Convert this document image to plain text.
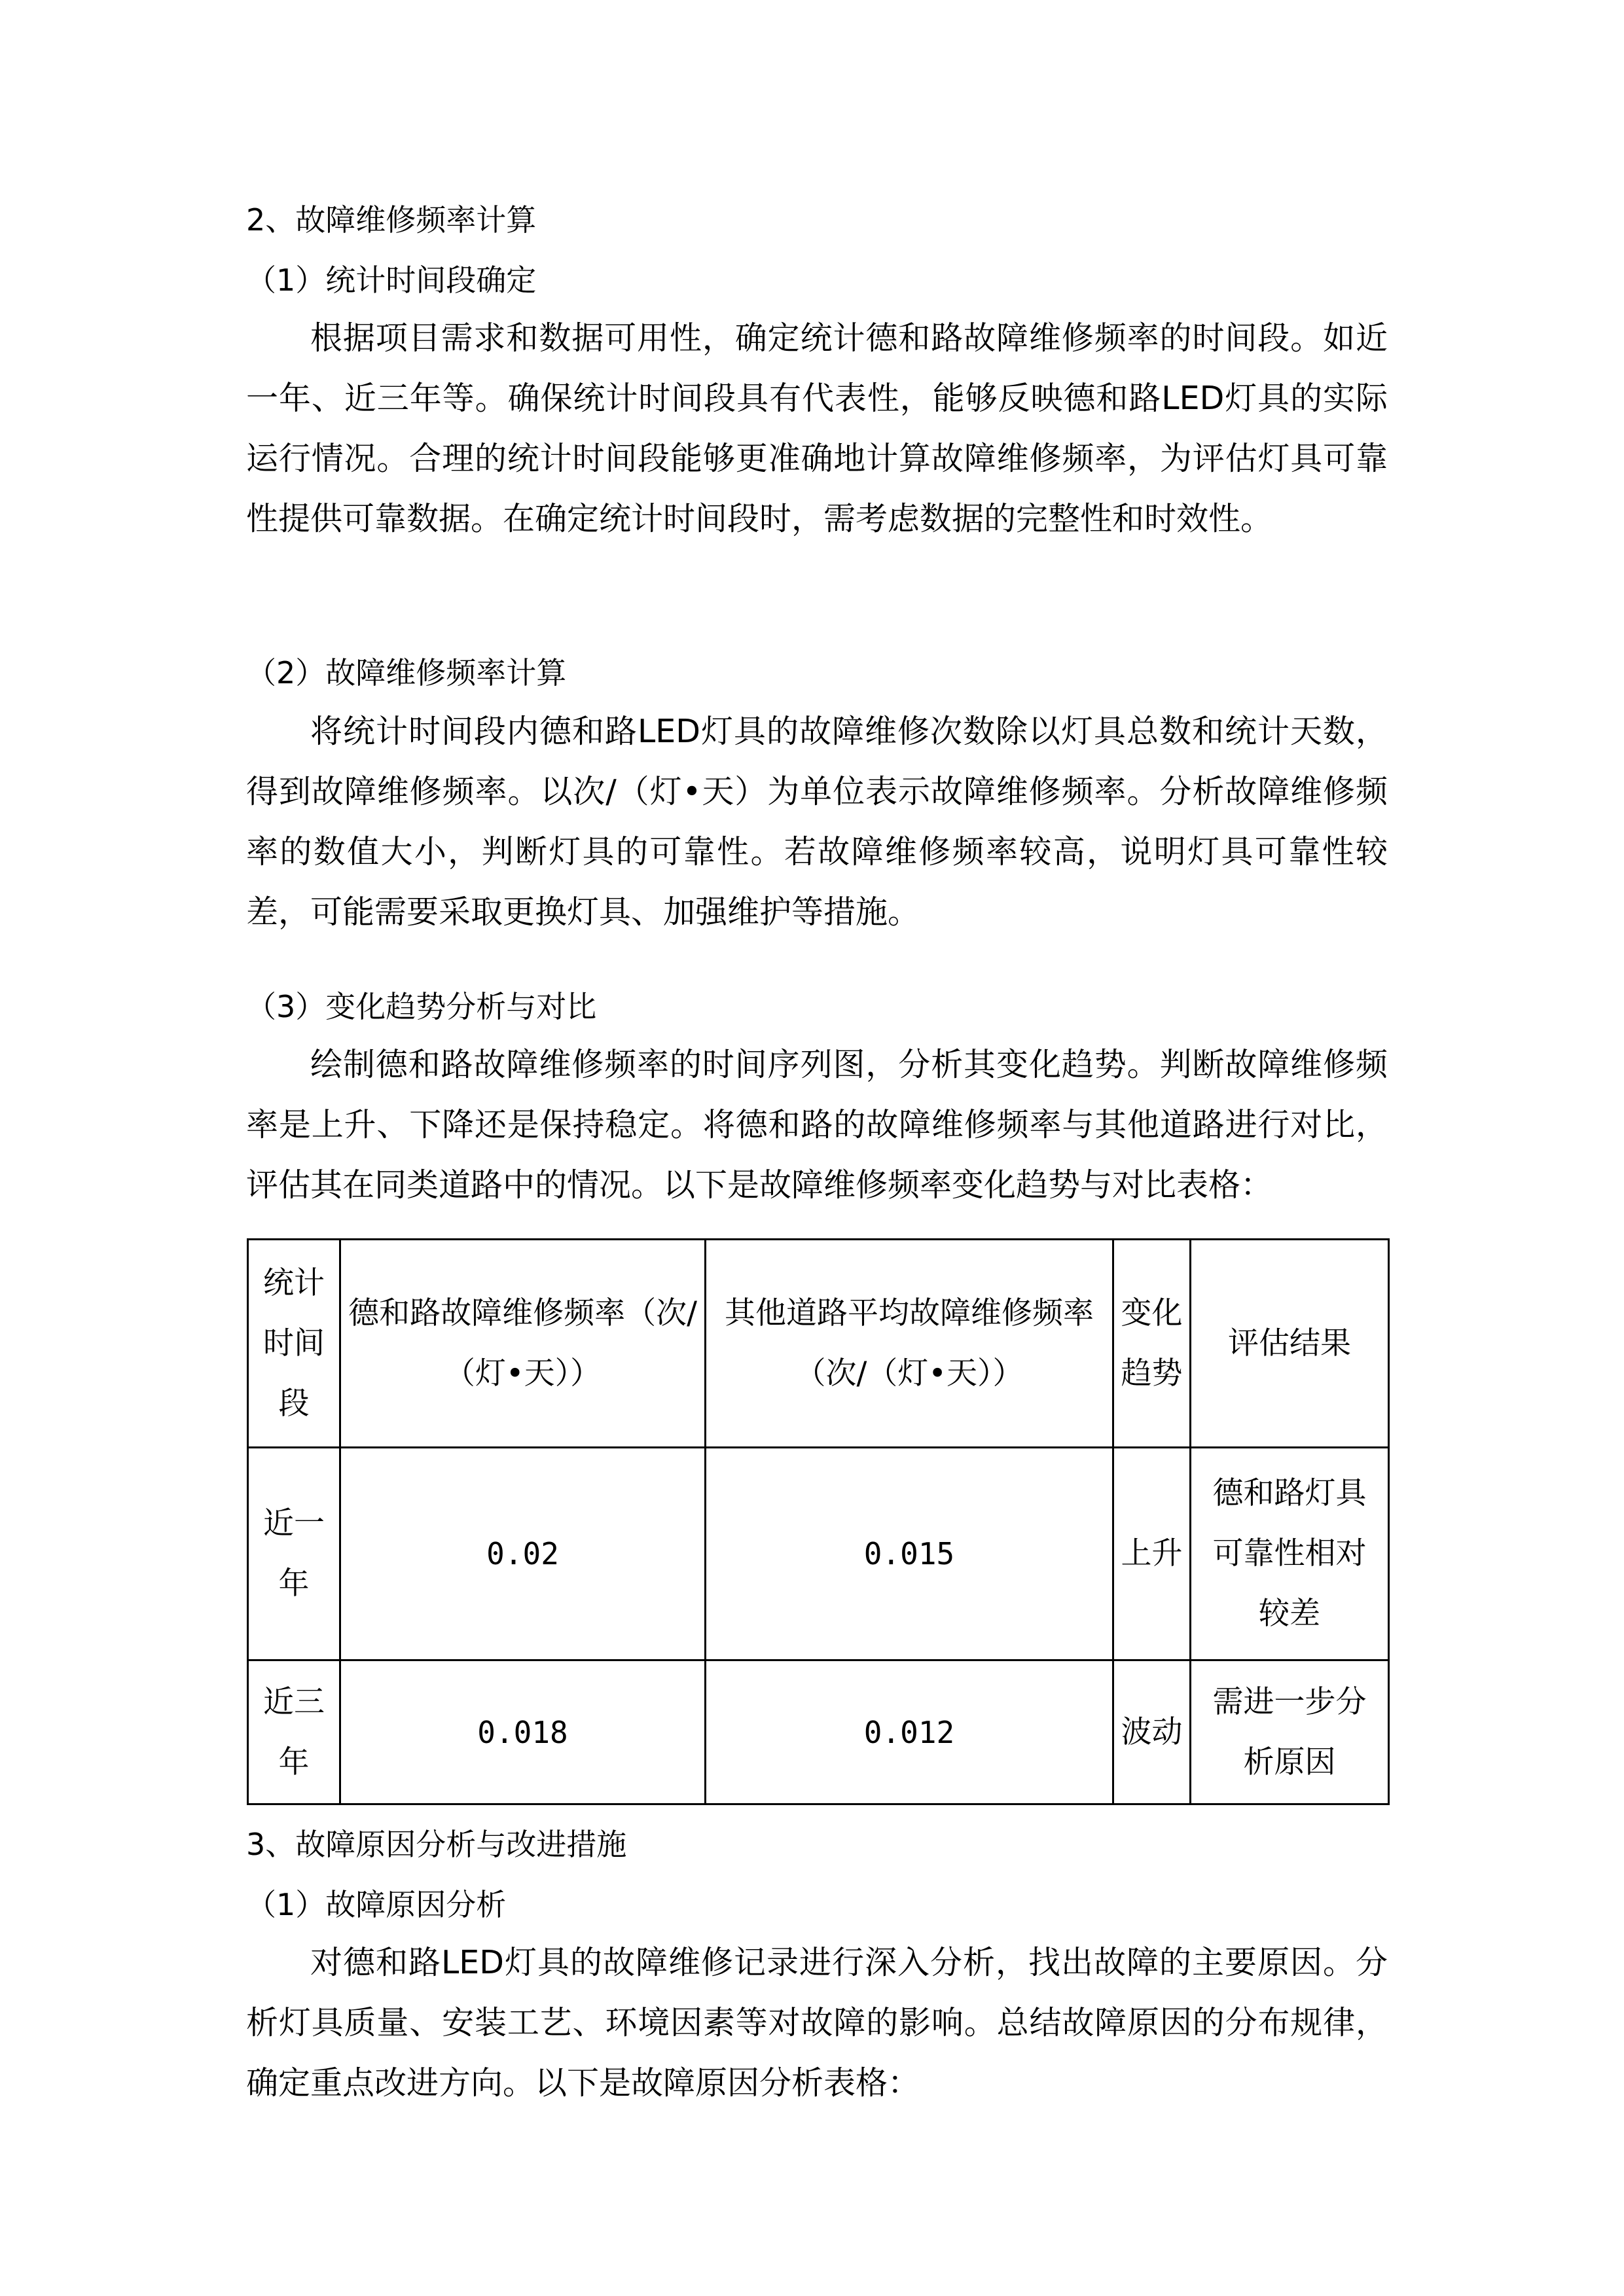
2、故障维修频率计算
（1）统计时间段确定

根据项目需求和数据可用性，确定统计德和路故障维修频率的时间段。如近一年、近三年等。确保统计时间段具有代表性，能够反映德和路LED灯具的实际运行情况。合理的统计时间段能够更准确地计算故障维修频率，为评估灯具可靠性提供可靠数据。在确定统计时间段时，需考虑数据的完整性和时效性。

（2）故障维修频率计算

将统计时间段内德和路LED灯具的故障维修次数除以灯具总数和统计天数，得到故障维修频率。以次/（灯•天）为单位表示故障维修频率。分析故障维修频率的数值大小，判断灯具的可靠性。若故障维修频率较高，说明灯具可靠性较差，可能需要采取更换灯具、加强维护等措施。

（3）变化趋势分析与对比

绘制德和路故障维修频率的时间序列图，分析其变化趋势。判断故障维修频率是上升、下降还是保持稳定。将德和路的故障维修频率与其他道路进行对比，评估其在同类道路中的情况。以下是故障维修频率变化趋势与对比表格：

统计时间段	德和路故障维修频率（次/（灯•天））	其他道路平均故障维修频率（次/（灯•天））	变化趋势	评估结果
近一年	0.02	0.015	上升	德和路灯具可靠性相对较差
近三年	0.018	0.012	波动	需进一步分析原因
3、故障原因分析与改进措施
（1）故障原因分析

对德和路LED灯具的故障维修记录进行深入分析，找出故障的主要原因。分析灯具质量、安装工艺、环境因素等对故障的影响。总结故障原因的分布规律，确定重点改进方向。以下是故障原因分析表格：
